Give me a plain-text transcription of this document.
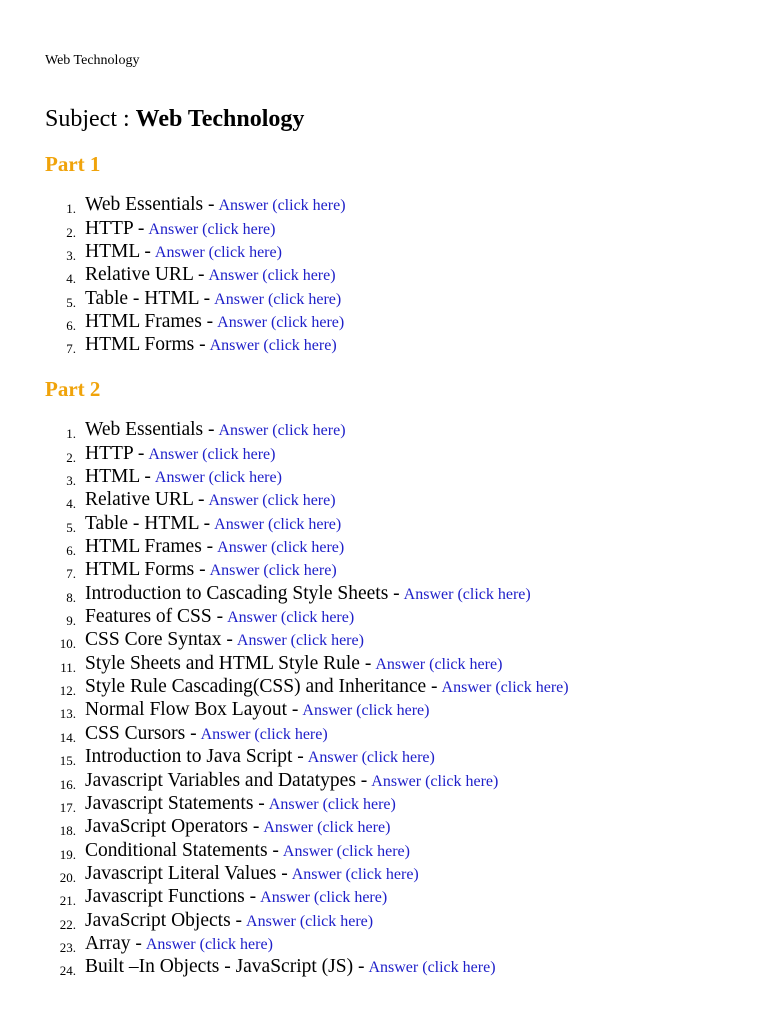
Web Technology
Subject : Web Technology
Part 1
1. Web Essentials - Answer (click here)
2. HTTP - Answer (click here)
3. HTML - Answer (click here)
4. Relative URL - Answer (click here)
5. Table - HTML - Answer (click here)
6. HTML Frames - Answer (click here)
7. HTML Forms - Answer (click here)
Part 2
1. Web Essentials - Answer (click here)
2. HTTP - Answer (click here)
3. HTML - Answer (click here)
4. Relative URL - Answer (click here)
5. Table - HTML - Answer (click here)
6. HTML Frames - Answer (click here)
7. HTML Forms - Answer (click here)
8. Introduction to Cascading Style Sheets - Answer (click here)
9. Features of CSS - Answer (click here)
10. CSS Core Syntax - Answer (click here)
11. Style Sheets and HTML Style Rule - Answer (click here)
12. Style Rule Cascading(CSS) and Inheritance - Answer (click here)
13. Normal Flow Box Layout - Answer (click here)
14. CSS Cursors - Answer (click here)
15. Introduction to Java Script - Answer (click here)
16. Javascript Variables and Datatypes - Answer (click here)
17. Javascript Statements - Answer (click here)
18. JavaScript Operators - Answer (click here)
19. Conditional Statements - Answer (click here)
20. Javascript Literal Values - Answer (click here)
21. Javascript Functions - Answer (click here)
22. JavaScript Objects - Answer (click here)
23. Array - Answer (click here)
24. Built –In Objects - JavaScript (JS) - Answer (click here)
